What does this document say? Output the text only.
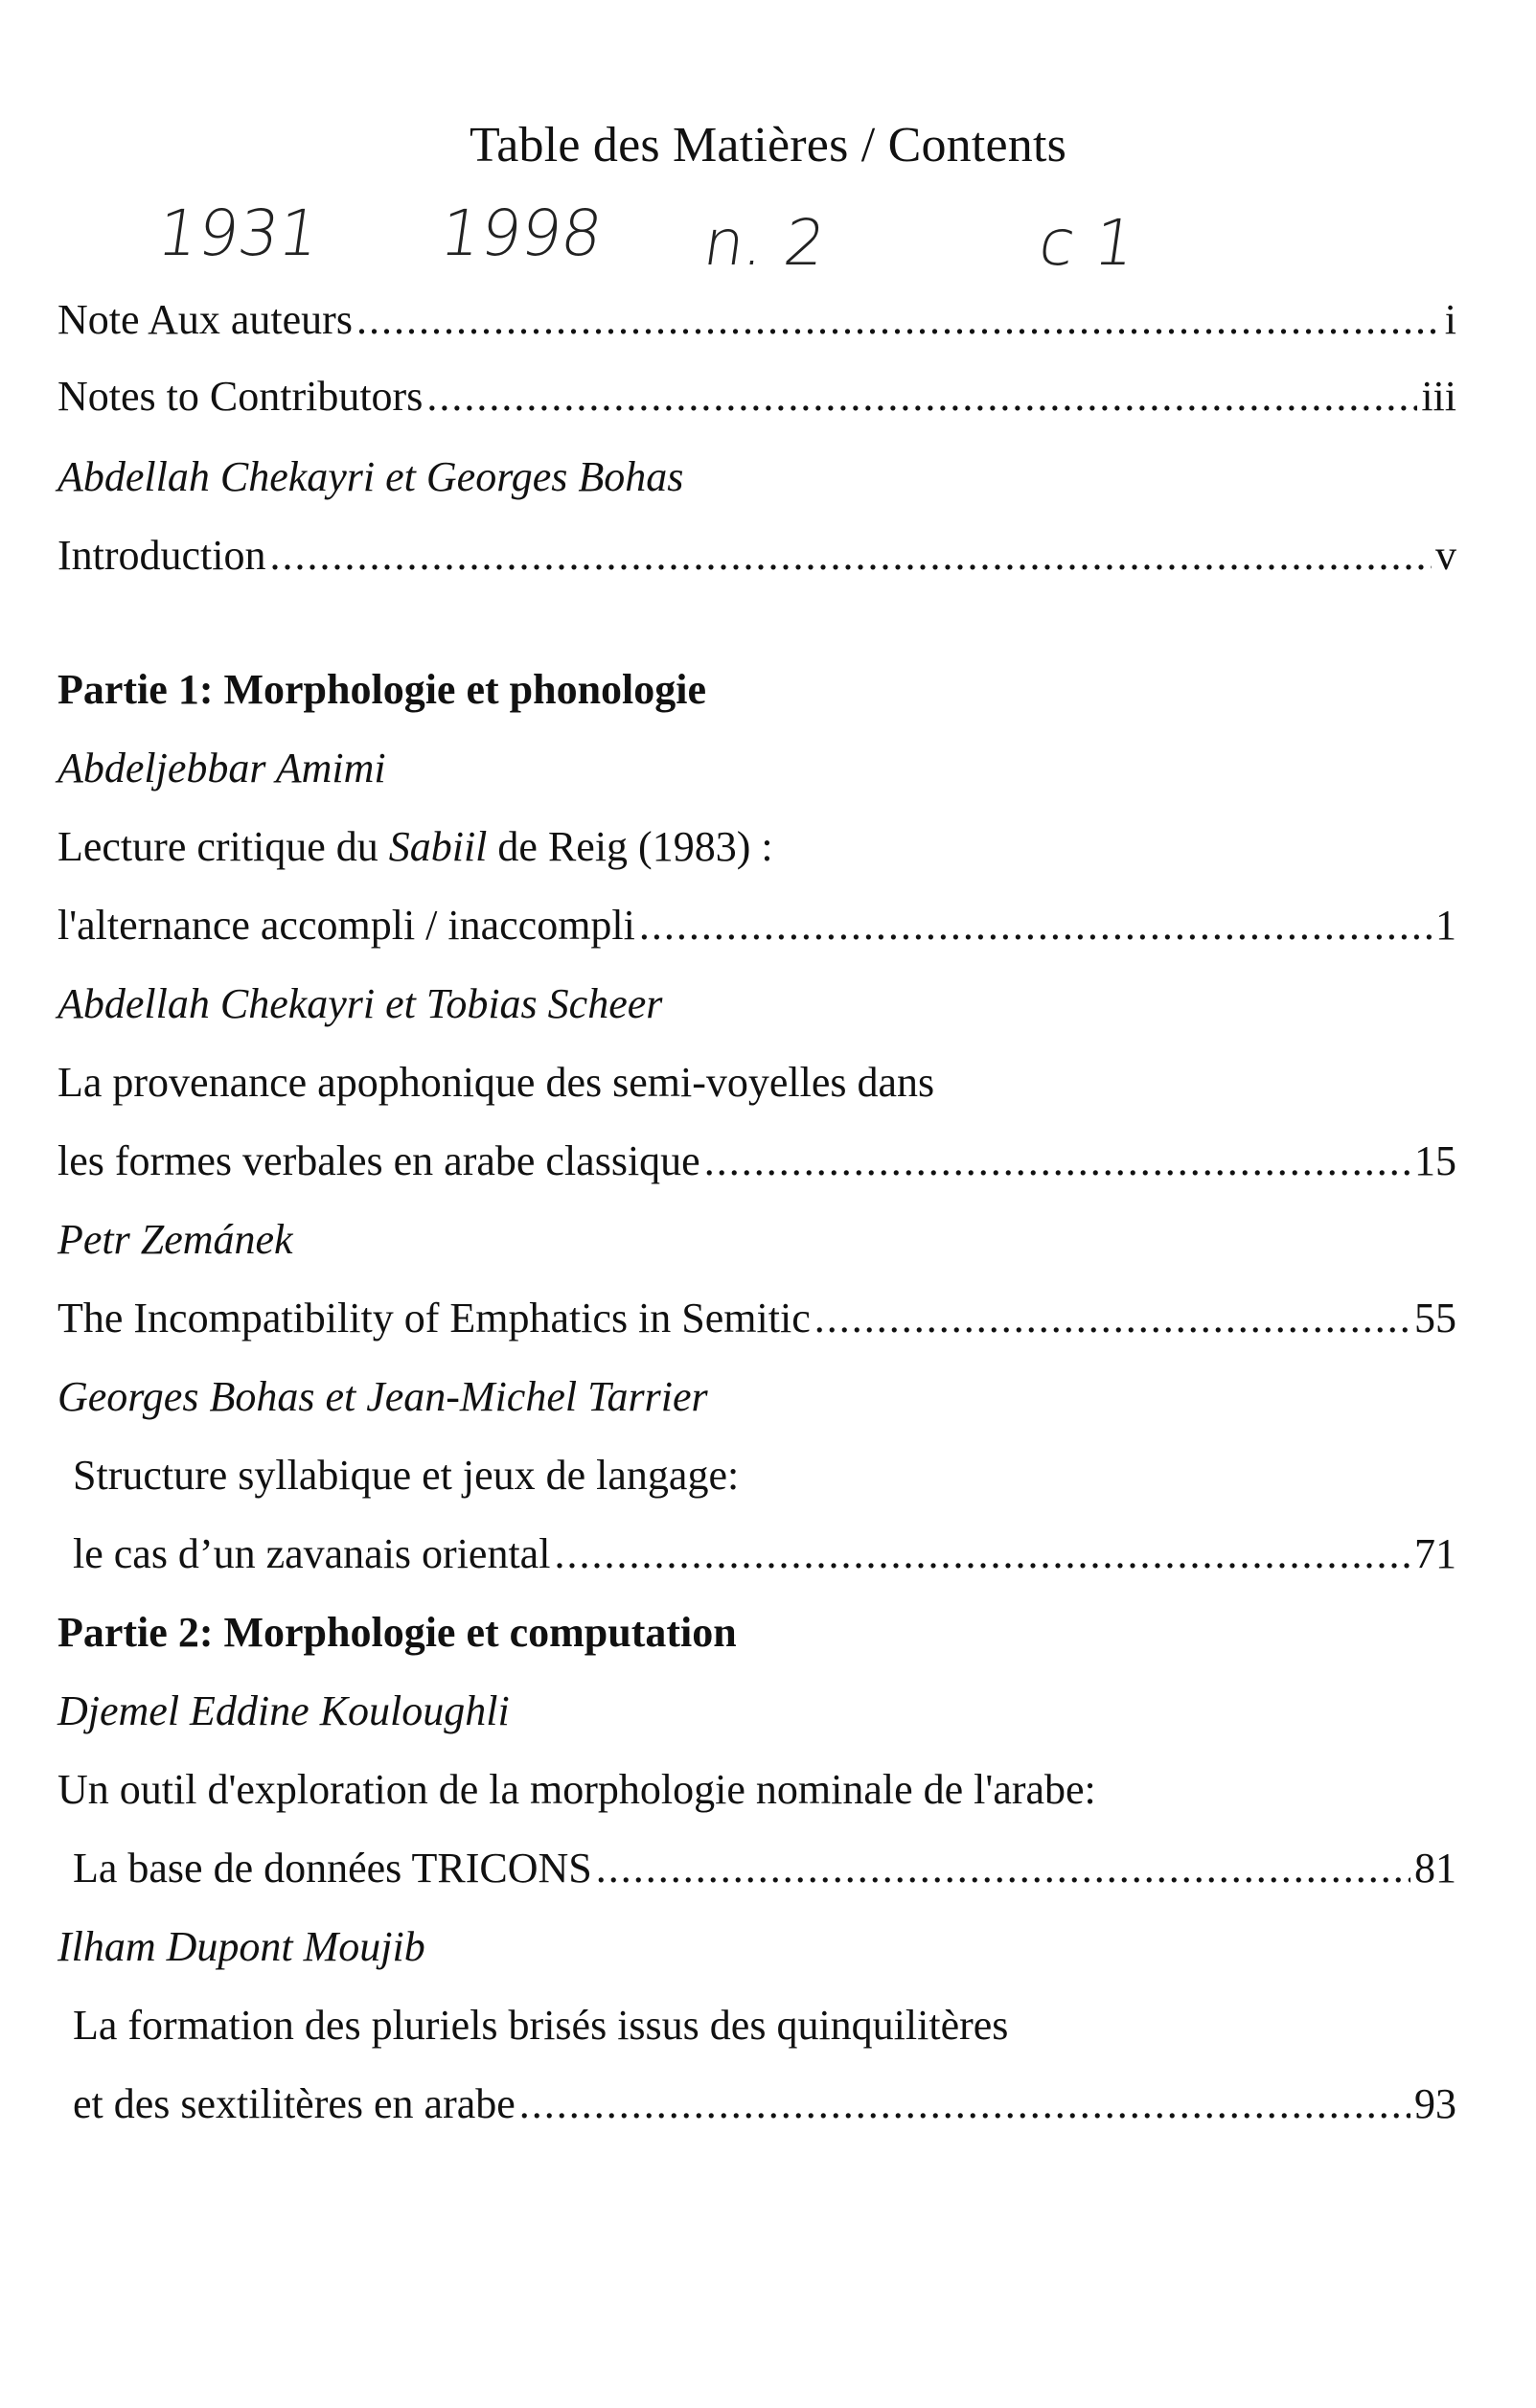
Table des Matières / Contents
1931 1998 n. 2	c 1
Note Aux auteurs .....	i
Notes to Contributors .....	iii
Abdellah Chekayri et Georges Bohas
Introduction .....	v
Partie 1: Morphologie et phonologie
Abdeljebbar Amimi
Lecture critique du Sabiil de Reig (1983) :
l'alternance accompli / inaccompli .....	1
Abdellah Chekayri et Tobias Scheer
La provenance apophonique des semi-voyelles dans
les formes verbales en arabe classique .....	15
Petr Zemánek
The Incompatibility of Emphatics in Semitic .....	55
Georges Bohas et Jean-Michel Tarrier
Structure syllabique et jeux de langage:
le cas d’un zavanais oriental .....	71
Partie 2: Morphologie et computation
Djemel Eddine Kouloughli
Un outil d'exploration de la morphologie nominale de l'arabe:
La base de données TRICONS .....	81
Ilham Dupont Moujib
La formation des pluriels brisés issus des quinquilitères
et des sextilitères en arabe .....	93
